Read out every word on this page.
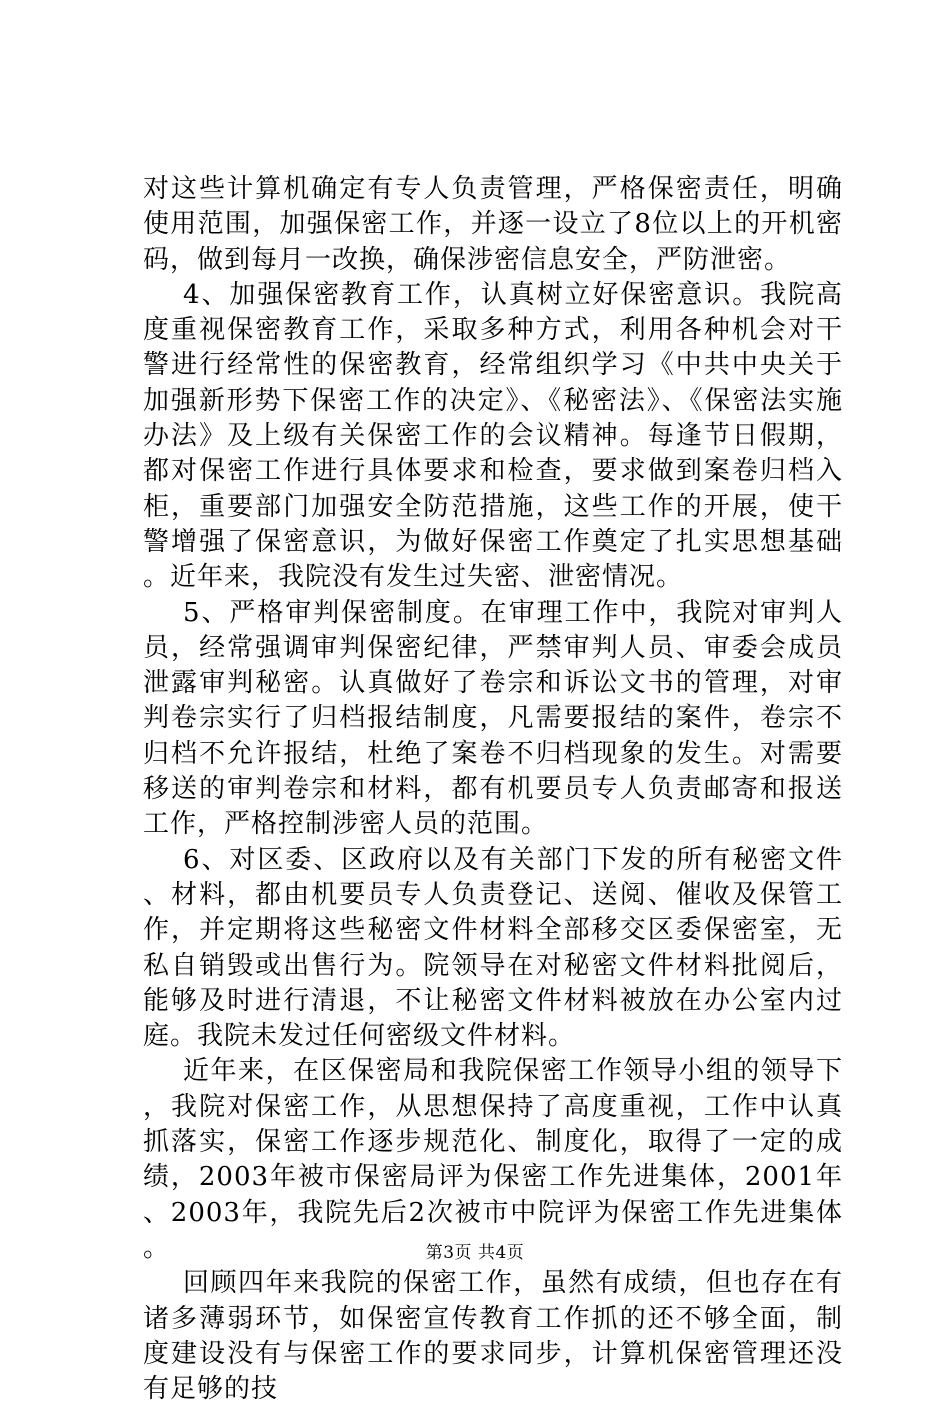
对这些计算机确定有专人负责管理，严格保密责任，明确使用范围，加强保密工作，并逐一设立了8位以上的开机密码，做到每月一改换，确保涉密信息安全，严防泄密。

4、加强保密教育工作，认真树立好保密意识。我院高度重视保密教育工作，采取多种方式，利用各种机会对干警进行经常性的保密教育，经常组织学习《中共中央关于加强新形势下保密工作的决定》、《秘密法》、《保密法实施办法》及上级有关保密工作的会议精神。每逢节日假期，都对保密工作进行具体要求和检查，要求做到案卷归档入柜，重要部门加强安全防范措施，这些工作的开展，使干警增强了保密意识，为做好保密工作奠定了扎实思想基础。近年来，我院没有发生过失密、泄密情况。

5、严格审判保密制度。在审理工作中，我院对审判人员，经常强调审判保密纪律，严禁审判人员、审委会成员泄露审判秘密。认真做好了卷宗和诉讼文书的管理，对审判卷宗实行了归档报结制度，凡需要报结的案件，卷宗不归档不允许报结，杜绝了案卷不归档现象的发生。对需要移送的审判卷宗和材料，都有机要员专人负责邮寄和报送工作，严格控制涉密人员的范围。

6、对区委、区政府以及有关部门下发的所有秘密文件、材料，都由机要员专人负责登记、送阅、催收及保管工作，并定期将这些秘密文件材料全部移交区委保密室，无私自销毁或出售行为。院领导在对秘密文件材料批阅后，能够及时进行清退，不让秘密文件材料被放在办公室内过庭。我院未发过任何密级文件材料。

近年来，在区保密局和我院保密工作领导小组的领导下，我院对保密工作，从思想保持了高度重视，工作中认真抓落实，保密工作逐步规范化、制度化，取得了一定的成绩，2003年被市保密局评为保密工作先进集体，2001年、2003年，我院先后2次被市中院评为保密工作先进集体。

回顾四年来我院的保密工作，虽然有成绩，但也存在有诸多薄弱环节，如保密宣传教育工作抓的还不够全面，制度建设没有与保密工作的要求同步，计算机保密管理还没有足够的技

第3页 共4页
